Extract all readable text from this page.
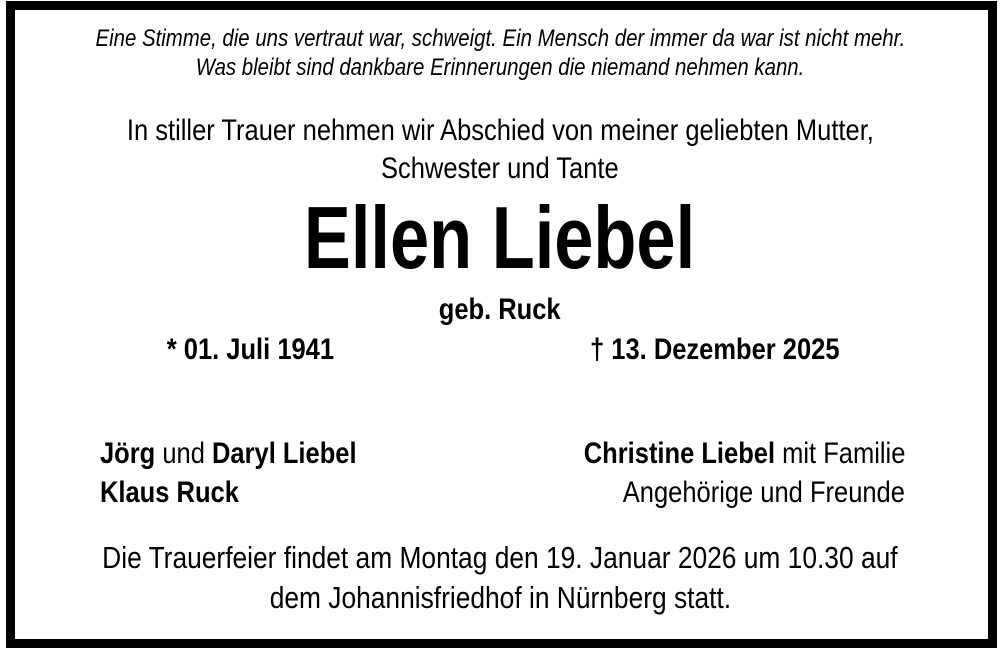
Eine Stimme, die uns vertraut war, schweigt. Ein Mensch der immer da war ist nicht mehr.
Was bleibt sind dankbare Erinnerungen die niemand nehmen kann.
In stiller Trauer nehmen wir Abschied von meiner geliebten Mutter,
Schwester und Tante
Ellen Liebel
geb. Ruck
* 01. Juli 1941	† 13. Dezember 2025
Jörg und Daryl Liebel
Klaus Ruck
Christine Liebel mit Familie
Angehörige und Freunde
Die Trauerfeier findet am Montag den 19. Januar 2026 um 10.30 auf
dem Johannisfriedhof in Nürnberg statt.
